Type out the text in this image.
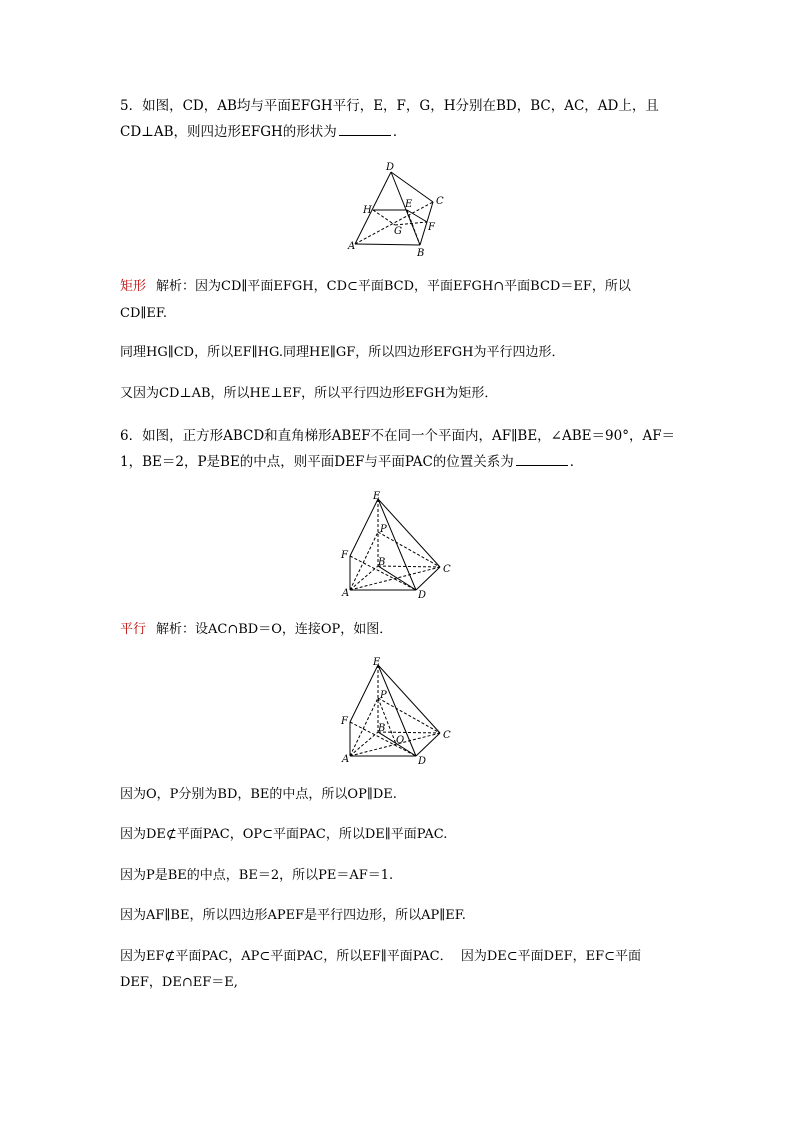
5．如图，CD，AB均与平面EFGH平行，E，F，G，H分别在BD，BC，AC，AD上，且

CD⊥AB，则四边形EFGH的形状为	．

D
C
H
E
G	F
A
B

矩形 解析：因为CD∥平面EFGH，CD⊂平面BCD，平面EFGH∩平面BCD＝EF，所以

CD∥EF.

同理HG∥CD，所以EF∥HG.同理HE∥GF，所以四边形EFGH为平行四边形．

又因为CD⊥AB，所以HE⊥EF，所以平行四边形EFGH为矩形．

6．如图，正方形ABCD和直角梯形ABEF不在同一个平面内，AF∥BE，∠ABE＝90°，AF＝

1，BE＝2，P是BE的中点，则平面DEF与平面PAC的位置关系为	．

E
P
F
B
C
A	D

平行 解析：设AC∩BD＝O，连接OP，如图．

E
P
F
B
O	C
A	D

因为O，P分别为BD，BE的中点，所以OP∥DE.

因为DE⊄平面PAC，OP⊂平面PAC，所以DE∥平面PAC.

因为P是BE的中点，BE＝2，所以PE＝AF＝1.

因为AF∥BE，所以四边形APEF是平行四边形，所以AP∥EF.

因为EF⊄平面PAC，AP⊂平面PAC，所以EF∥平面PAC．  因为DE⊂平面DEF，EF⊂平面

DEF，DE∩EF＝E,
